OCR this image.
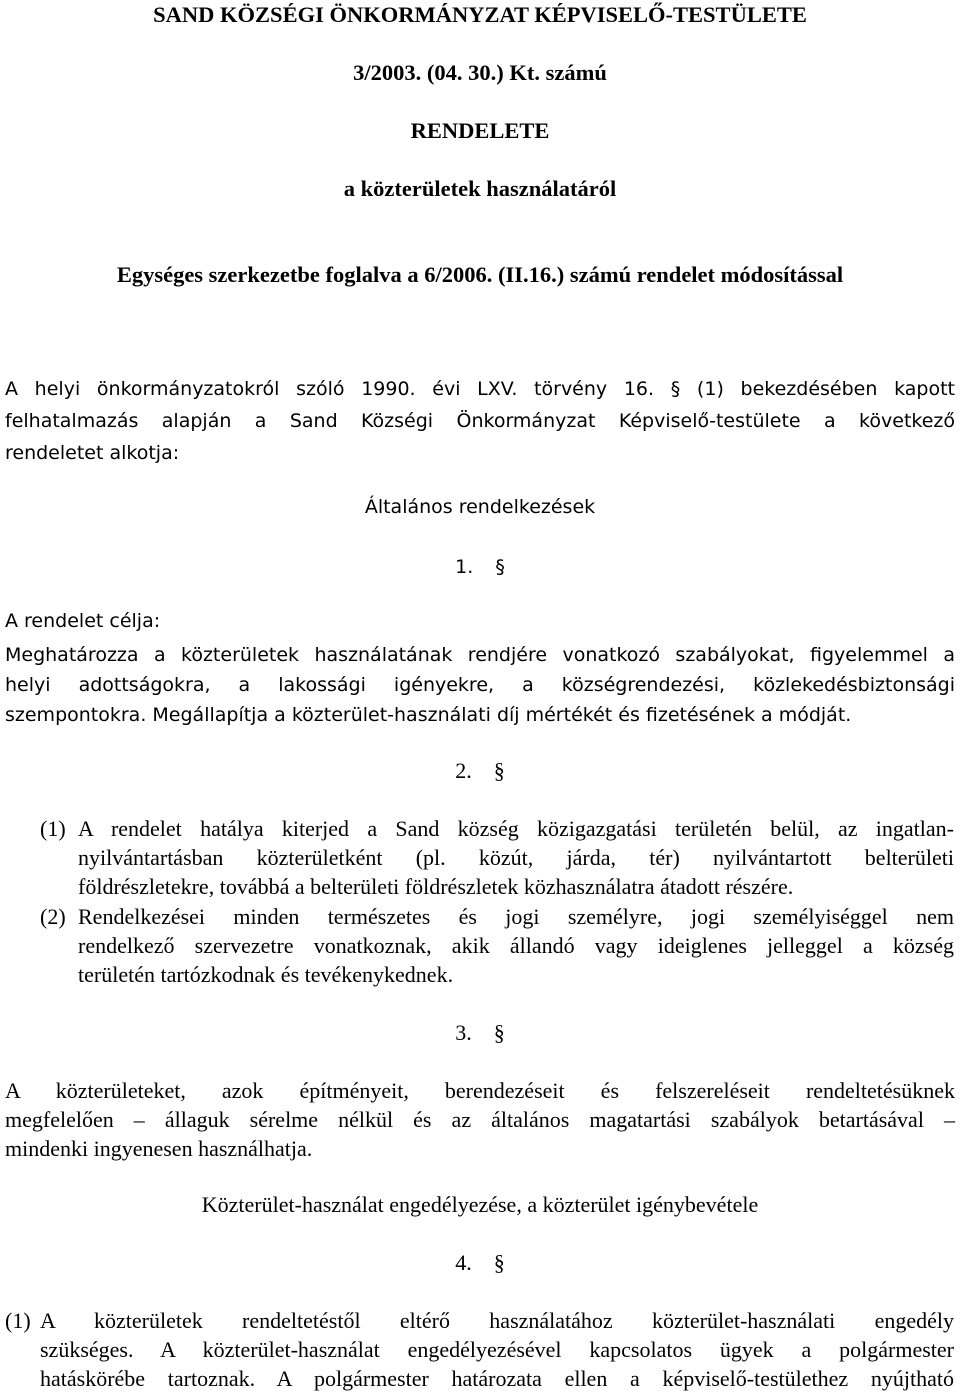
SAND KÖZSÉGI ÖNKORMÁNYZAT KÉPVISELŐ-TESTÜLETE

3/2003. (04. 30.) Kt. számú

RENDELETE

a közterületek használatáról

Egységes szerkezetbe foglalva a 6/2006. (II.16.) számú rendelet módosítással

A helyi önkormányzatokról szóló 1990. évi LXV. törvény 16. § (1) bekezdésében kapott

felhatalmazás alapján a Sand Községi Önkormányzat Képviselő-testülete a következő

rendeletet alkotja:

Általános rendelkezések

1. §

A rendelet célja:

Meghatározza a közterületek használatának rendjére vonatkozó szabályokat, figyelemmel a

helyi adottságokra, a lakossági igényekre, a községrendezési, közlekedésbiztonsági

szempontokra. Megállapítja a közterület-használati díj mértékét és fizetésének a módját.

2. §

(1) A rendelet hatálya kiterjed a Sand község közigazgatási területén belül, az ingatlan-

nyilvántartásban közterületként (pl. közút, járda, tér) nyilvántartott belterületi

földrészletekre, továbbá a belterületi földrészletek közhasználatra átadott részére.

(2) Rendelkezései minden természetes és jogi személyre, jogi személyiséggel nem

rendelkező szervezetre vonatkoznak, akik állandó vagy ideiglenes jelleggel a község

területén tartózkodnak és tevékenykednek.

3. §

A közterületeket, azok építményeit, berendezéseit és felszereléseit rendeltetésüknek

megfelelően – állaguk sérelme nélkül és az általános magatartási szabályok betartásával –

mindenki ingyenesen használhatja.

Közterület-használat engedélyezése, a közterület igénybevétele

4. §

(1) A közterületek rendeltetéstől eltérő használatához közterület-használati engedély

szükséges. A közterület-használat engedélyezésével kapcsolatos ügyek a polgármester

hatáskörébe tartoznak. A polgármester határozata ellen a képviselő-testülethez nyújtható
